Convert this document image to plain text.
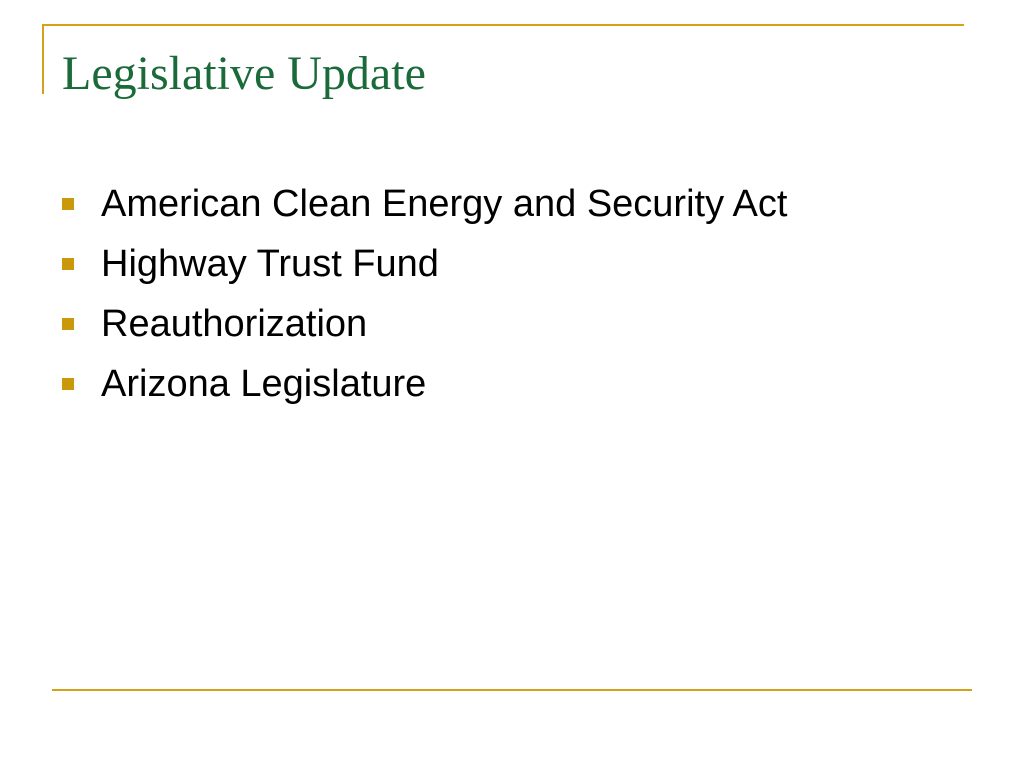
Legislative Update
American Clean Energy and Security Act
Highway Trust Fund
Reauthorization
Arizona Legislature
